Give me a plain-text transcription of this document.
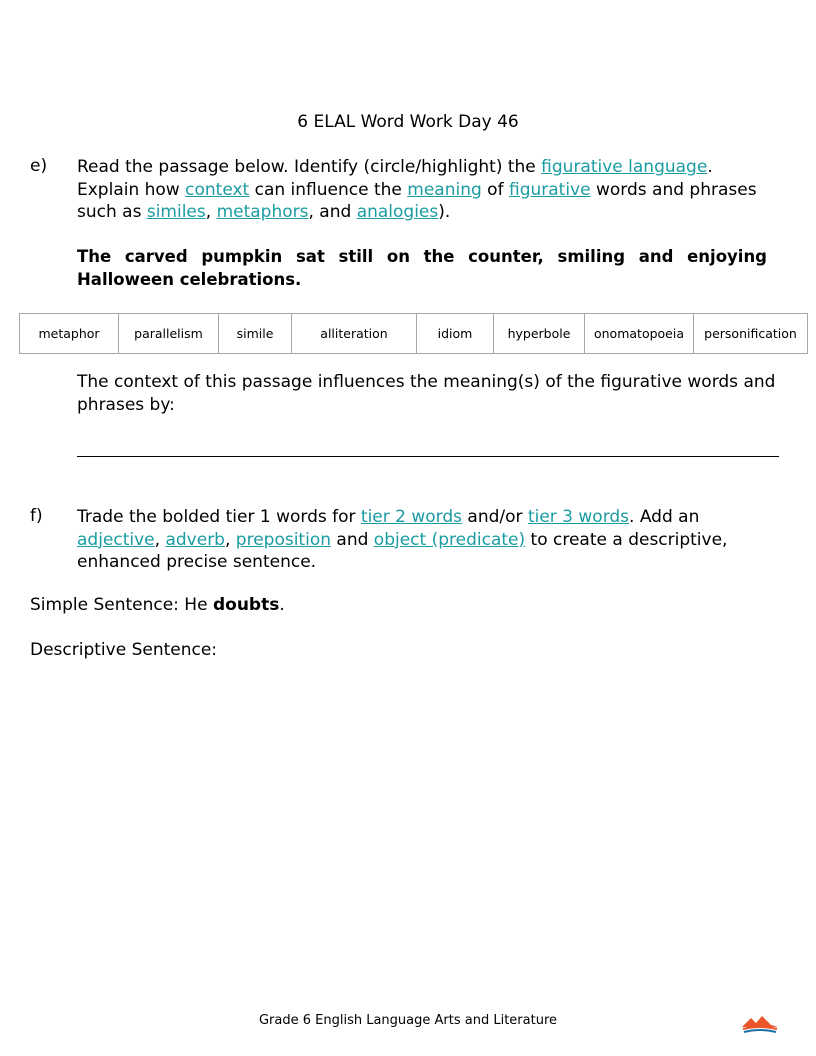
6 ELAL Word Work Day 46
e) Read the passage below. Identify (circle/highlight) the figurative language. Explain how context can influence the meaning of figurative words and phrases such as similes, metaphors, and analogies).
The carved pumpkin sat still on the counter, smiling and enjoying Halloween celebrations.
metaphor	parallelism	simile	alliteration	idiom	hyperbole	onomatopoeia	personification
The context of this passage influences the meaning(s) of the figurative words and phrases by:
f) Trade the bolded tier 1 words for tier 2 words and/or tier 3 words. Add an adjective, adverb, preposition and object (predicate) to create a descriptive, enhanced precise sentence.
Simple Sentence: He doubts.
Descriptive Sentence:
Grade 6 English Language Arts and Literature
